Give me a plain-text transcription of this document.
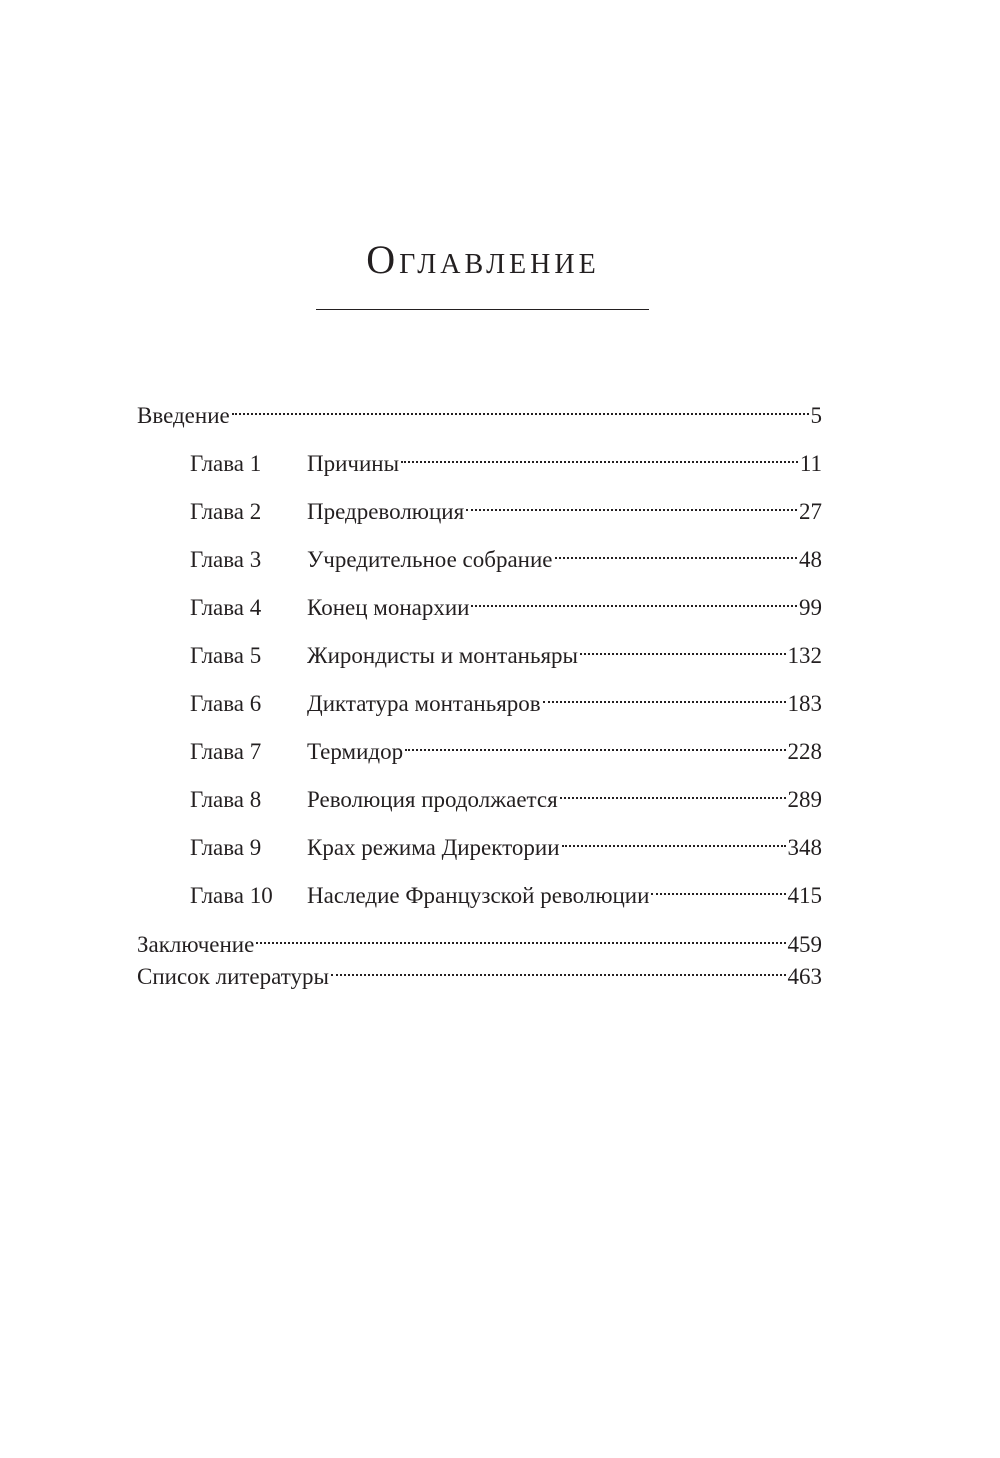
Оглавление
Введение	5
Глава 1	Причины	11
Глава 2	Предреволюция	27
Глава 3	Учредительное собрание	48
Глава 4	Конец монархии	99
Глава 5	Жирондисты и монтаньяры	132
Глава 6	Диктатура монтаньяров	183
Глава 7	Термидор	228
Глава 8	Революция продолжается	289
Глава 9	Крах режима Директории	348
Глава 10	Наследие Французской революции	415
Заключение	459
Список литературы	463
